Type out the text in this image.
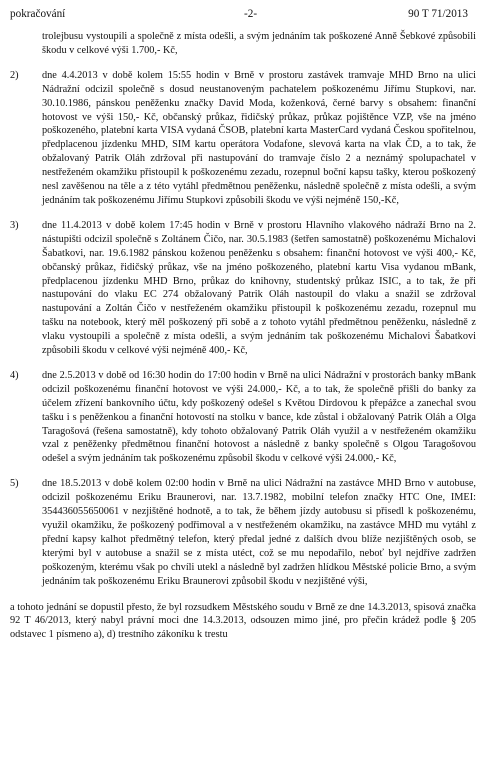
pokračování	-2-	90 T 71/2013

trolejbusu vystoupili a společně z místa odešli, a svým jednáním tak poškozené Anně Šebkové způsobili škodu v celkové výši 1.700,- Kč,

2) dne 4.4.2013 v době kolem 15:55 hodin v Brně v prostoru zastávek tramvaje MHD Brno na ulici Nádražní odcizil společně s dosud neustanoveným pachatelem poškozenému Jiřímu Stupkovi, nar. 30.10.1986, pánskou peněženku značky David Moda, koženková, černé barvy s obsahem: finanční hotovost ve výši 150,- Kč, občanský průkaz, řidičský průkaz, průkaz pojištěnce VZP, vše na jméno poškozeného, platební karta VISA vydaná ČSOB, platební karta MasterCard vydaná Českou spořitelnou, předplacenou jízdenku MHD, SIM kartu operátora Vodafone, slevová karta na vlak ČD, a to tak, že obžalovaný Patrik Oláh zdržoval při nastupování do tramvaje číslo 2 a neznámý spolupachatel v nestřeženém okamžiku přistoupil k poškozenému zezadu, rozepnul boční kapsu tašky, kterou poškozený nesl zavěšenou na těle a z této vytáhl předmětnou peněženku, následně společně z místa odešli, a svým jednáním tak poškozenému Jiřímu Stupkovi způsobili škodu ve výši nejméně 150,-Kč,

3) dne 11.4.2013 v době kolem 17:45 hodin v Brně v prostoru Hlavního vlakového nádraží Brno na 2. nástupišti odcizil společně s Zoltánem Čičo, nar. 30.5.1983 (šetřen samostatně) poškozenému Michalovi Šabatkovi, nar. 19.6.1982 pánskou koženou peněženku s obsahem: finanční hotovost ve výši 400,- Kč, občanský průkaz, řidičský průkaz, vše na jméno poškozeného, platební kartu Visa vydanou mBank, předplacenou jízdenku MHD Brno, průkaz do knihovny, studentský průkaz ISIC, a to tak, že při nastupování do vlaku EC 274 obžalovaný Patrik Oláh nastoupil do vlaku a snažil se zdržoval nastupování a Zoltán Čičo v nestřeženém okamžiku přistoupil k poškozenému zezadu, rozepnul mu tašku na notebook, který měl poškozený při sobě a z tohoto vytáhl předmětnou peněženku, následně z vlaku vystoupili a společně z místa odešli, a svým jednáním tak poškozenému Michalovi Šabatkovi způsobili škodu v celkové výši nejméně 400,- Kč,

4) dne 2.5.2013 v době od 16:30 hodin do 17:00 hodin v Brně na ulici Nádražní v prostorách banky mBank odcizil poškozenému finanční hotovost ve výši 24.000,- Kč, a to tak, že společně přišli do banky za účelem zřízení bankovního účtu, kdy poškozený odešel s Květou Dirdovou k přepážce a zanechal svou tašku i s peněženkou a finanční hotovostí na stolku v bance, kde zůstal i obžalovaný Patrik Oláh a Olga Taragošová (řešena samostatně), kdy tohoto obžalovaný Patrik Oláh využil a v nestřeženém okamžiku vzal z peněženky předmětnou finanční hotovost a následně z banky společně s Olgou Taragošovou odešel a svým jednáním tak poškozenému způsobil škodu v celkové výši 24.000,- Kč,

5) dne 18.5.2013 v době kolem 02:00 hodin v Brně na ulici Nádražní na zastávce MHD Brno v autobuse, odcizil poškozenému Eriku Braunerovi, nar. 13.7.1982, mobilní telefon značky HTC One, IMEI: 354436055650061 v nezjištěné hodnotě, a to tak, že během jízdy autobusu si přisedl k poškozenému, využil okamžiku, že poškozený podřimoval a v nestřeženém okamžiku, na zastávce MHD mu vytáhl z přední kapsy kalhot předmětný telefon, který předal jedné z dalších dvou blíže nezjištěných osob, se kterými byl v autobuse a snažil se z místa utéct, což se mu nepodařilo, neboť byl nejdříve zadržen poškozeným, kterému však po chvíli utekl a následně byl zadržen hlídkou Městské policie Brno, a svým jednáním tak poškozenému Eriku Braunerovi způsobil škodu v nezjištěné výši,

a tohoto jednání se dopustil přesto, že byl rozsudkem Městského soudu v Brně ze dne 14.3.2013, spisová značka 92 T 46/2013, který nabyl právní moci dne 14.3.2013, odsouzen mimo jiné, pro přečin krádež podle § 205 odstavec 1 písmeno a), d) trestního zákoníku k trestu
